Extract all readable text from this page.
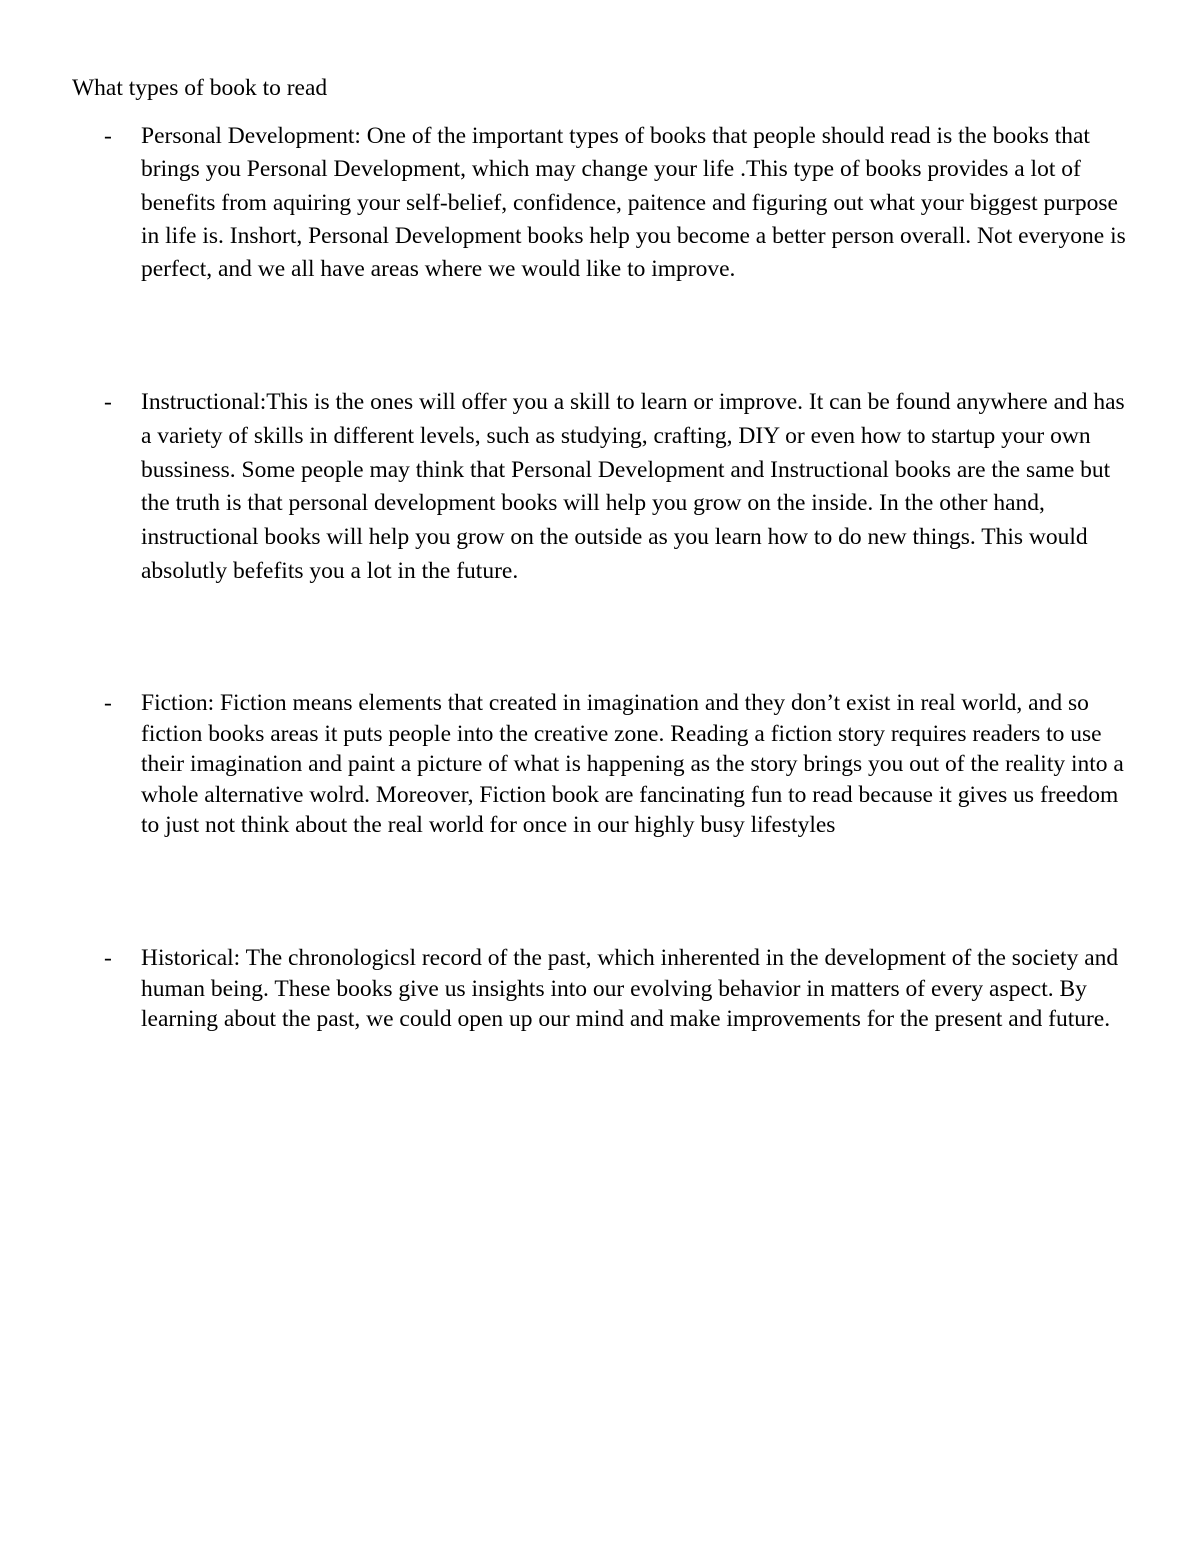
What types of book to read
-	Personal Development: One of the important types of books that people should read is the books that brings you Personal Development, which may change your life .This type of books provides a lot of benefits from aquiring your self-belief, confidence, paitence and figuring out what your biggest purpose in life is. Inshort, Personal Development books help you become a better person overall. Not everyone is perfect, and we all have areas where we would like to improve.

-	Instructional:This is the ones will offer you a skill to learn or improve. It can be found anywhere and has a variety of skills in different levels, such as studying, crafting, DIY or even how to startup your own bussiness. Some people may think that Personal Development and Instructional books are the same but the truth is that personal development books will help you grow on the inside. In the other hand, instructional books will help you grow on the outside as you learn how to do new things. This would absolutly befefits you a lot in the future.

-	Fiction: Fiction means elements that created in imagination and they don’t exist in real world, and so fiction books areas it puts people into the creative zone. Reading a fiction story requires readers to use their imagination and paint a picture of what is happening as the story brings you out of the reality into a whole alternative wolrd. Moreover, Fiction book are fancinating fun to read because it gives us freedom to just not think about the real world for once in our highly busy lifestyles

-	Historical: The chronologicsl record of the past, which inherented in the development of the society and human being. These books give us insights into our evolving behavior in matters of every aspect. By learning about the past, we could open up our mind and make improvements for the present and future.
